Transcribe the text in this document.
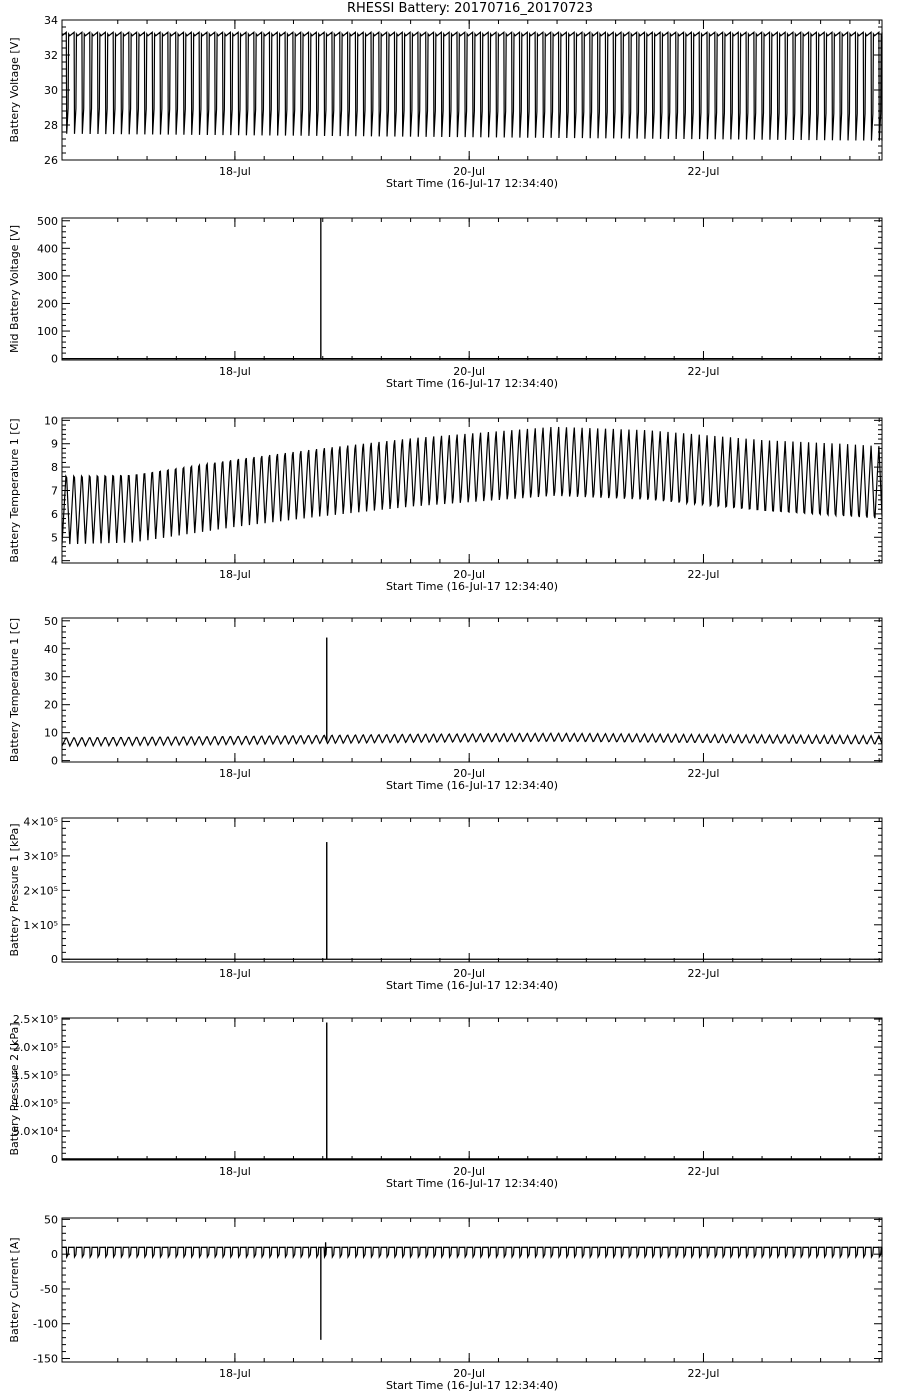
RHESSI Battery: 20170716_20170723
26
28
30
32
34
18-Jul	20-Jul	22-Jul
Start Time (16-Jul-17 12:34:40)
Battery Voltage [V]
0
100
200
300
400
500
18-Jul	20-Jul	22-Jul
Start Time (16-Jul-17 12:34:40)
Mid Battery Voltage [V]
4
5
6
7
8
9
10
18-Jul	20-Jul	22-Jul
Start Time (16-Jul-17 12:34:40)
Battery Temperature 1 [C]
0
10
20
30
40
50
18-Jul	20-Jul	22-Jul
Start Time (16-Jul-17 12:34:40)
Battery Temperature 1 [C]
0
1×10⁵
2×10⁵
3×10⁵
4×10⁵
18-Jul	20-Jul	22-Jul
Start Time (16-Jul-17 12:34:40)
Battery Pressure 1 [kPa]
0
5.0×10⁴
1.0×10⁵
1.5×10⁵
2.0×10⁵
2.5×10⁵
18-Jul	20-Jul	22-Jul
Start Time (16-Jul-17 12:34:40)
Battery Pressure 2 [kPa]
-150
-100
-50
0
50
18-Jul	20-Jul	22-Jul
Start Time (16-Jul-17 12:34:40)
Battery Current [A]
